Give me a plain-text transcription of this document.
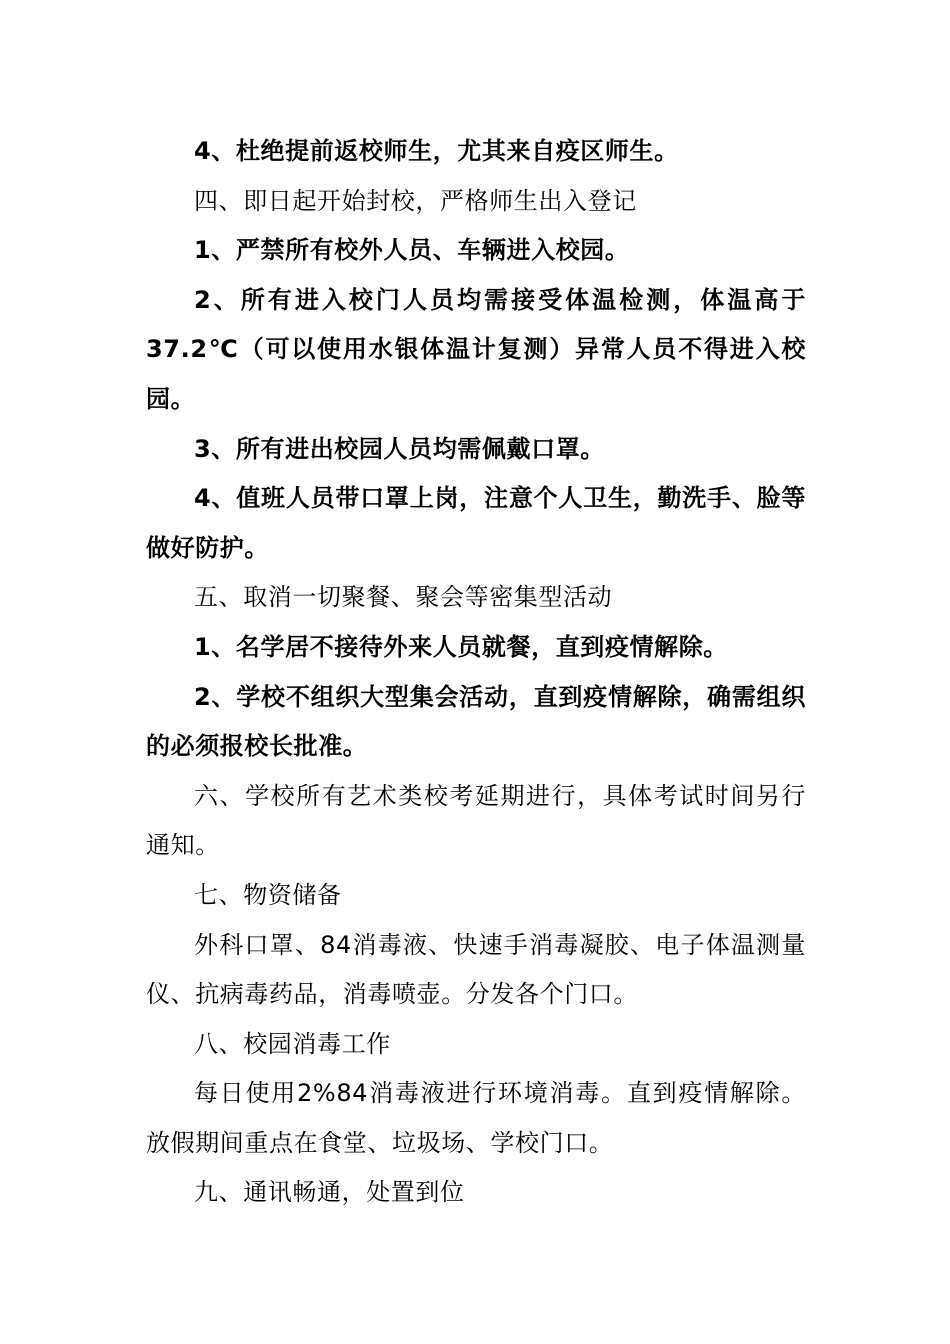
4、杜绝提前返校师生，尤其来自疫区师生。

四、即日起开始封校，严格师生出入登记

1、严禁所有校外人员、车辆进入校园。

2、所有进入校门人员均需接受体温检测，体温高于37.2℃（可以使用水银体温计复测）异常人员不得进入校园。

3、所有进出校园人员均需佩戴口罩。

4、值班人员带口罩上岗，注意个人卫生，勤洗手、脸等做好防护。

五、取消一切聚餐、聚会等密集型活动

1、名学居不接待外来人员就餐，直到疫情解除。

2、学校不组织大型集会活动，直到疫情解除，确需组织的必须报校长批准。

六、学校所有艺术类校考延期进行，具体考试时间另行通知。

七、物资储备

外科口罩、84消毒液、快速手消毒凝胶、电子体温测量仪、抗病毒药品，消毒喷壶。分发各个门口。

八、校园消毒工作

每日使用2%84消毒液进行环境消毒。直到疫情解除。放假期间重点在食堂、垃圾场、学校门口。

九、通讯畅通，处置到位
